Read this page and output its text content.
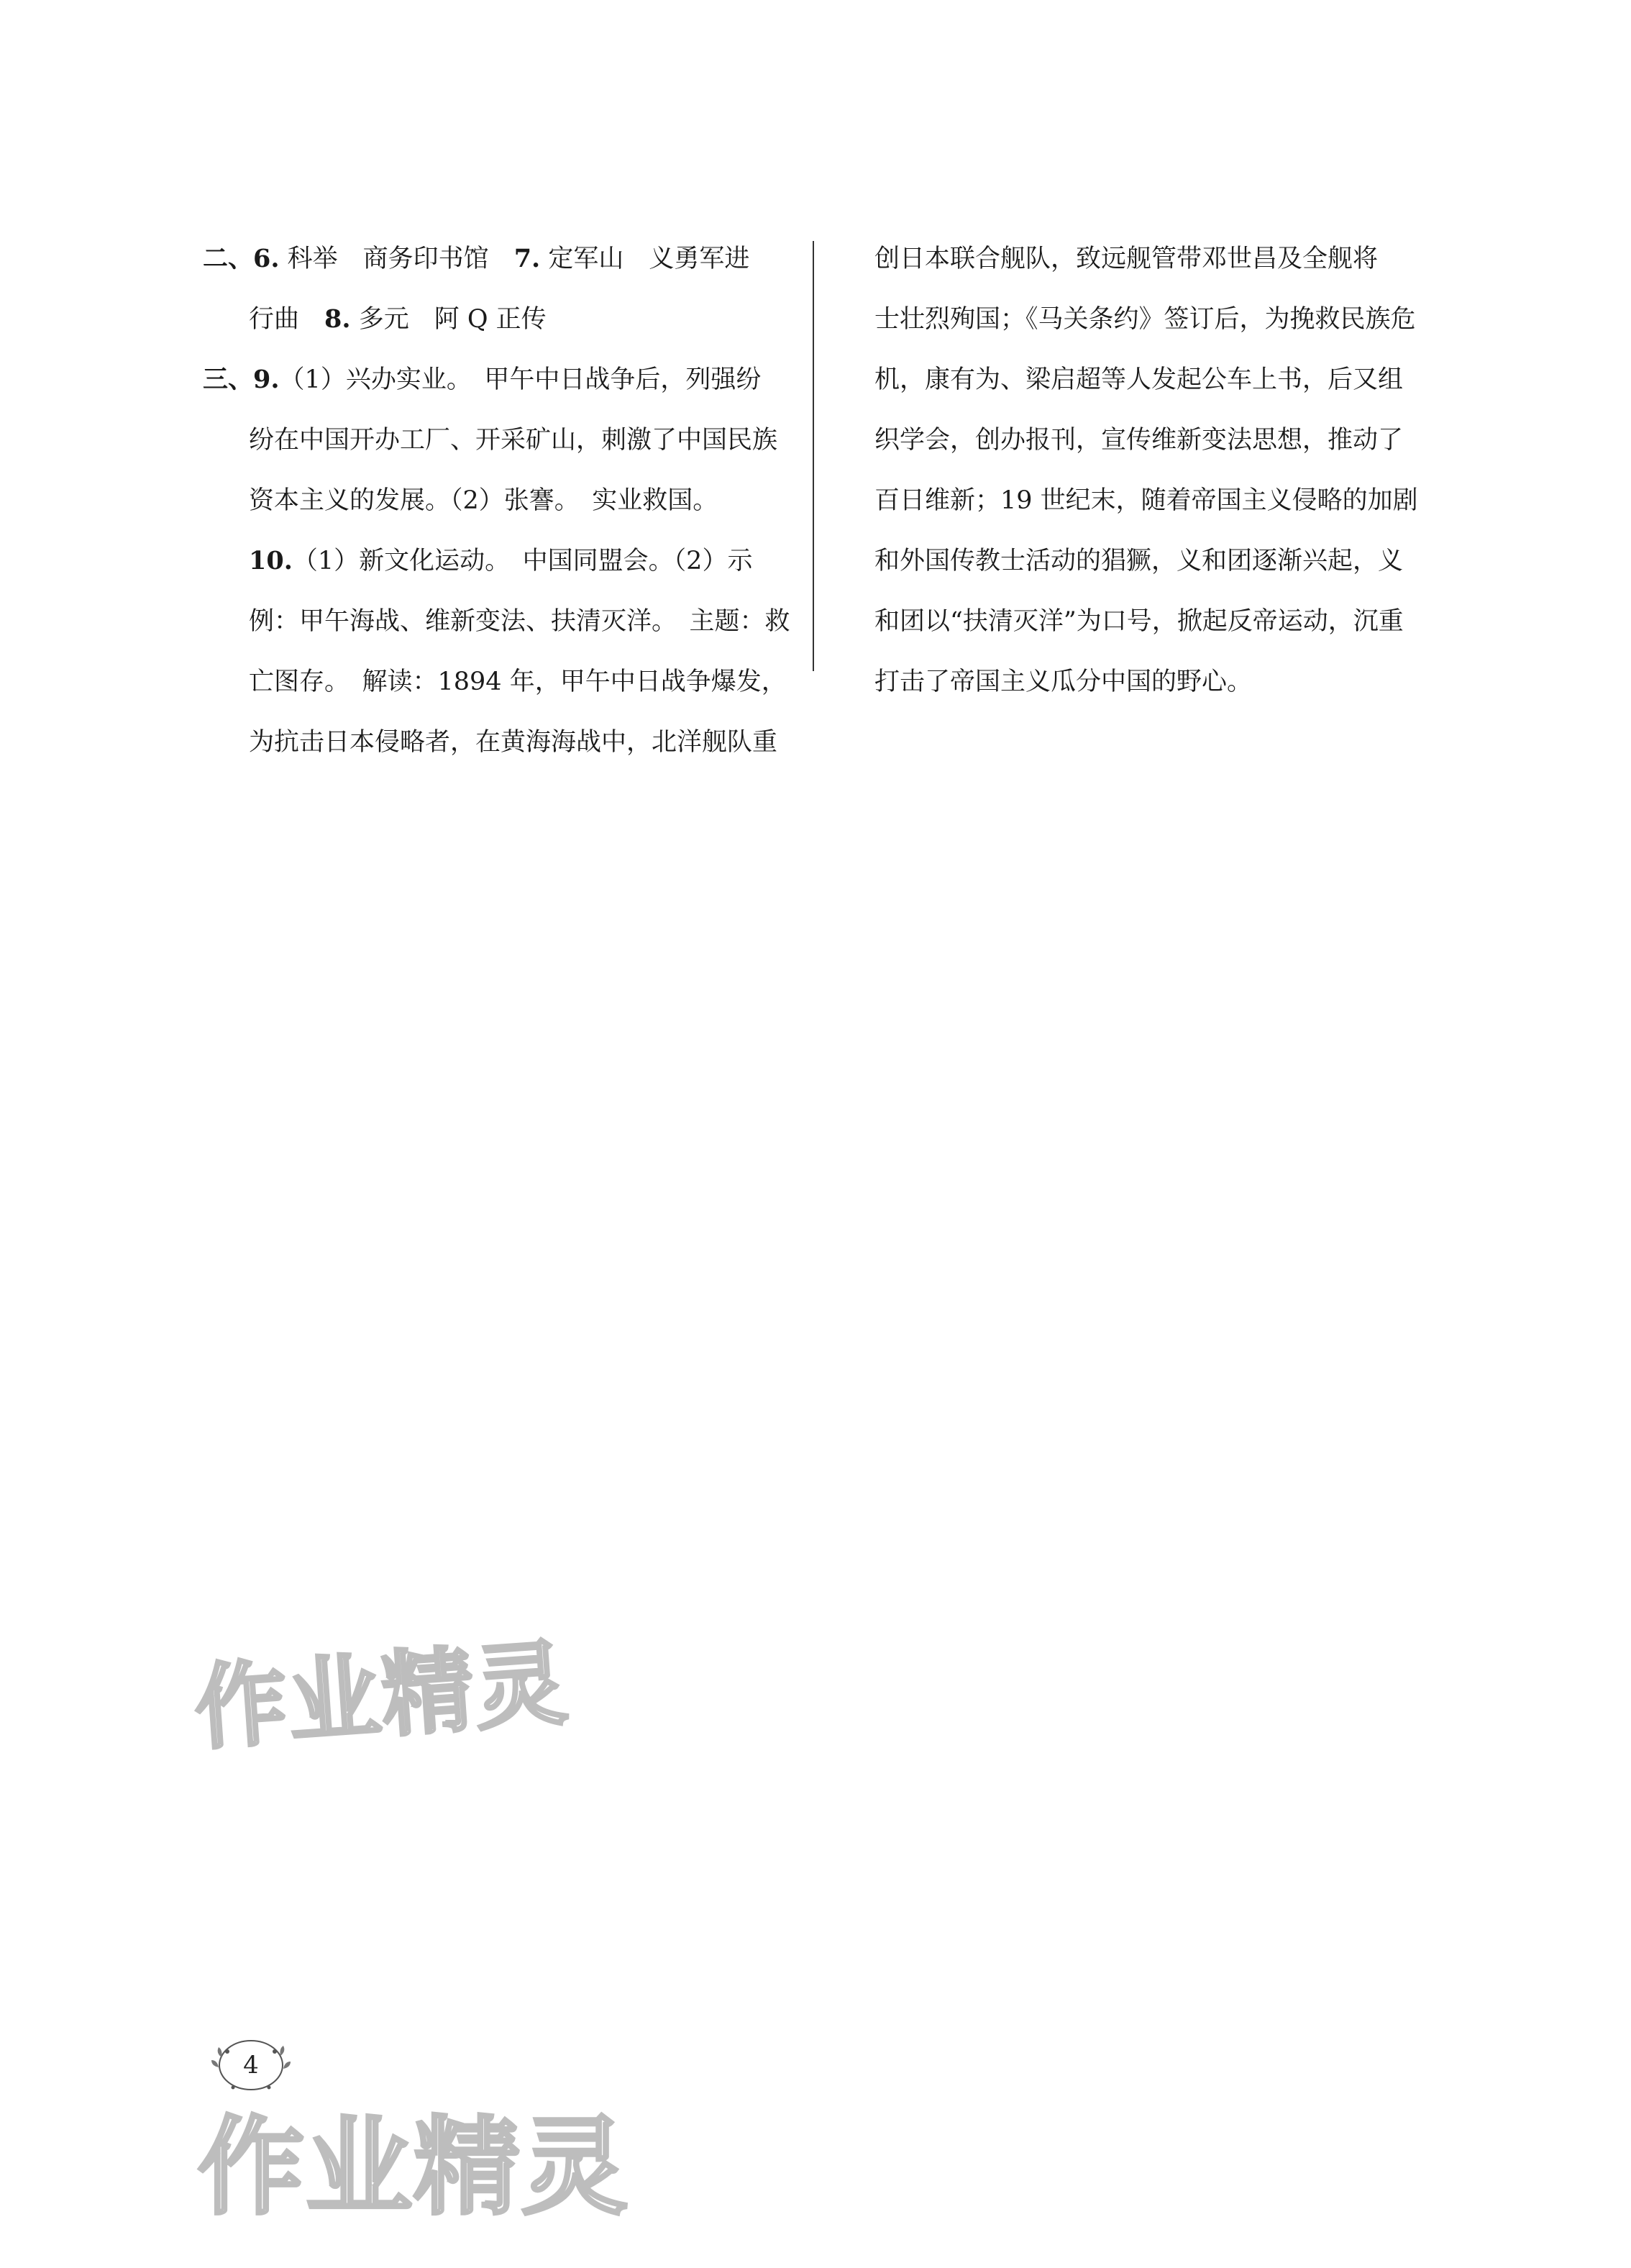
二、6. 科举　商务印书馆　7. 定军山　义勇军进
行曲　8. 多元　阿 Q 正传
三、9.（1）兴办实业。　甲午中日战争后，列强纷
纷在中国开办工厂、开采矿山，刺激了中国民族
资本主义的发展。（2）张謇。　实业救国。
10.（1）新文化运动。　中国同盟会。（2）示
例：甲午海战、维新变法、扶清灭洋。　主题：救
亡图存。　解读：1894 年，甲午中日战争爆发，
为抗击日本侵略者，在黄海海战中，北洋舰队重
创日本联合舰队，致远舰管带邓世昌及全舰将
士壮烈殉国；《马关条约》签订后，为挽救民族危
机，康有为、梁启超等人发起公车上书，后又组
织学会，创办报刊，宣传维新变法思想，推动了
百日维新；19 世纪末，随着帝国主义侵略的加剧
和外国传教士活动的猖獗，义和团逐渐兴起，义
和团以“扶清灭洋”为口号，掀起反帝运动，沉重
打击了帝国主义瓜分中国的野心。
作业精灵
4
作业精灵
